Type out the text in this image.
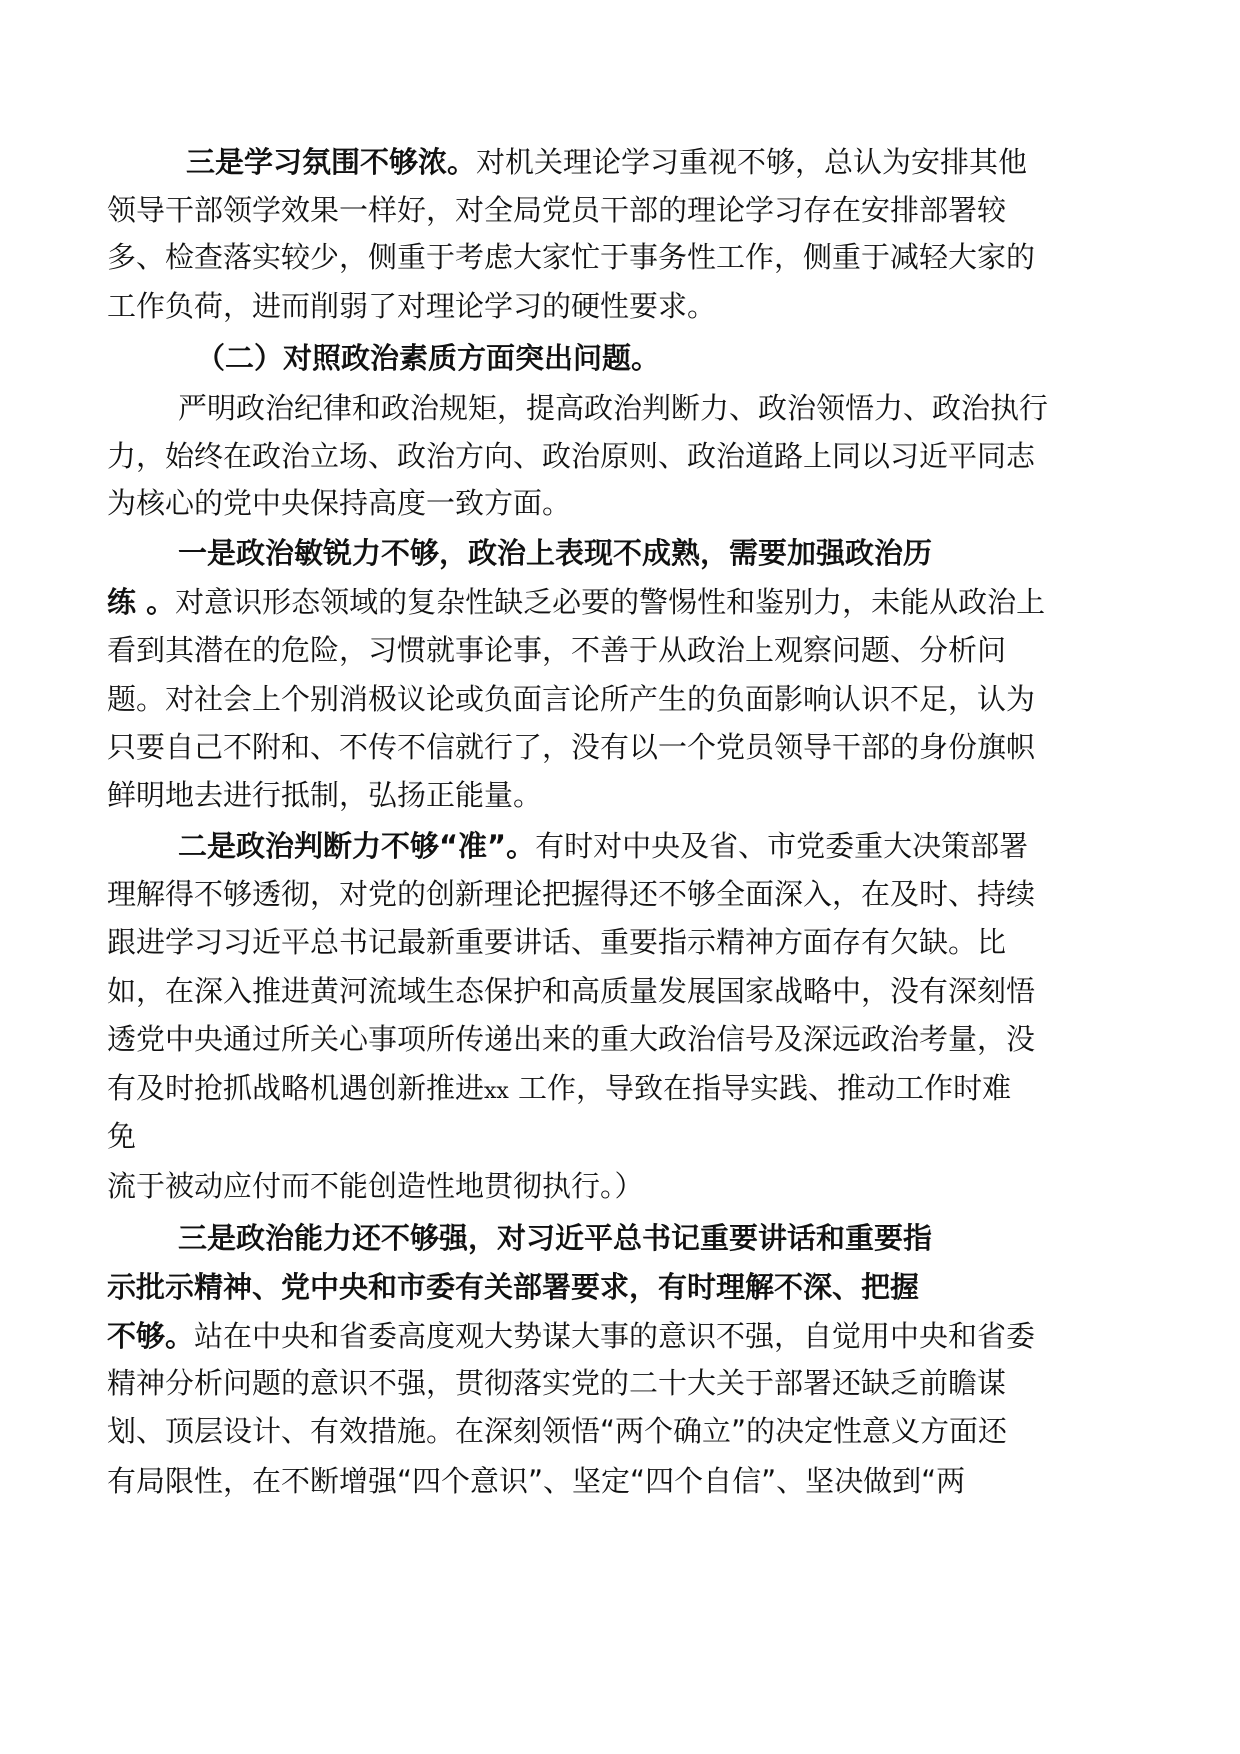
三是学习氛围不够浓。对机关理论学习重视不够，总认为安排其他

领导干部领学效果一样好，对全局党员干部的理论学习存在安排部署较

多、检查落实较少，侧重于考虑大家忙于事务性工作，侧重于减轻大家的

工作负荷，进而削弱了对理论学习的硬性要求。

（二）对照政治素质方面突出问题。

严明政治纪律和政治规矩，提高政治判断力、政治领悟力、政治执行

力，始终在政治立场、政治方向、政治原则、政治道路上同以习近平同志

为核心的党中央保持高度一致方面。

一是政治敏锐力不够，政治上表现不成熟，需要加强政治历

练 。对意识形态领域的复杂性缺乏必要的警惕性和鉴别力，未能从政治上

看到其潜在的危险，习惯就事论事，不善于从政治上观察问题、分析问

题。对社会上个别消极议论或负面言论所产生的负面影响认识不足，认为

只要自己不附和、不传不信就行了，没有以一个党员领导干部的身份旗帜

鲜明地去进行抵制，弘扬正能量。

二是政治判断力不够“准”。有时对中央及省、市党委重大决策部署

理解得不够透彻，对党的创新理论把握得还不够全面深入，在及时、持续

跟进学习习近平总书记最新重要讲话、重要指示精神方面存有欠缺。比

如，在深入推进黄河流域生态保护和高质量发展国家战略中，没有深刻悟

透党中央通过所关心事项所传递出来的重大政治信号及深远政治考量，没

有及时抢抓战略机遇创新推进xx 工作，导致在指导实践、推动工作时难

免

流于被动应付而不能创造性地贯彻执行。）

三是政治能力还不够强，对习近平总书记重要讲话和重要指

示批示精神、党中央和市委有关部署要求，有时理解不深、把握

不够。站在中央和省委高度观大势谋大事的意识不强，自觉用中央和省委

精神分析问题的意识不强，贯彻落实党的二十大关于部署还缺乏前瞻谋

划、顶层设计、有效措施。在深刻领悟“两个确立”的决定性意义方面还

有局限性，在不断增强“四个意识”、坚定“四个自信”、坚决做到“两
